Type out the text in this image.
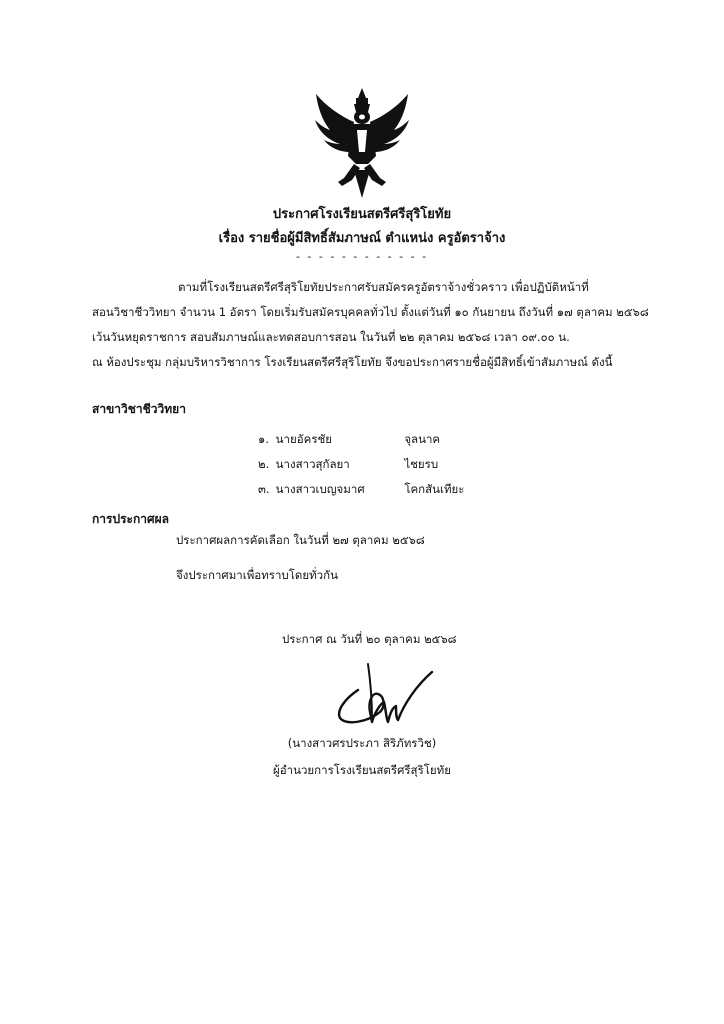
ประกาศโรงเรียนสตรีศรีสุริโยทัย
เรื่อง รายชื่อผู้มีสิทธิ์สัมภาษณ์ ตำแหน่ง ครูอัตราจ้าง
- - - - - - - - - - - -
ตามที่โรงเรียนสตรีศรีสุริโยทัยประกาศรับสมัครครูอัตราจ้างชั่วคราว เพื่อปฏิบัติหน้าที่
สอนวิชาชีววิทยา จำนวน 1 อัตรา โดยเริ่มรับสมัครบุคคลทั่วไป ตั้งแต่วันที่ ๑๐ กันยายน ถึงวันที่ ๑๗ ตุลาคม ๒๕๖๘
เว้นวันหยุดราชการ สอบสัมภาษณ์และทดสอบการสอน ในวันที่ ๒๒ ตุลาคม ๒๕๖๘ เวลา ๐๙.๐๐ น.
ณ ห้องประชุม กลุ่มบริหารวิชาการ โรงเรียนสตรีศรีสุริโยทัย จึงขอประกาศรายชื่อผู้มีสิทธิ์เข้าสัมภาษณ์ ดังนี้
สาขาวิชาชีววิทยา
๑. นายอัครชัย	จุลนาค
๒. นางสาวสุกัลยา	ไชยรบ
๓. นางสาวเบญจมาศ	โคกสันเทียะ
การประกาศผล
ประกาศผลการคัดเลือก ในวันที่ ๒๗ ตุลาคม ๒๕๖๘
จึงประกาศมาเพื่อทราบโดยทั่วกัน
ประกาศ ณ วันที่ ๒๐ ตุลาคม ๒๕๖๘
(นางสาวศรประภา สิริภัทรวิช)
ผู้อำนวยการโรงเรียนสตรีศรีสุริโยทัย
